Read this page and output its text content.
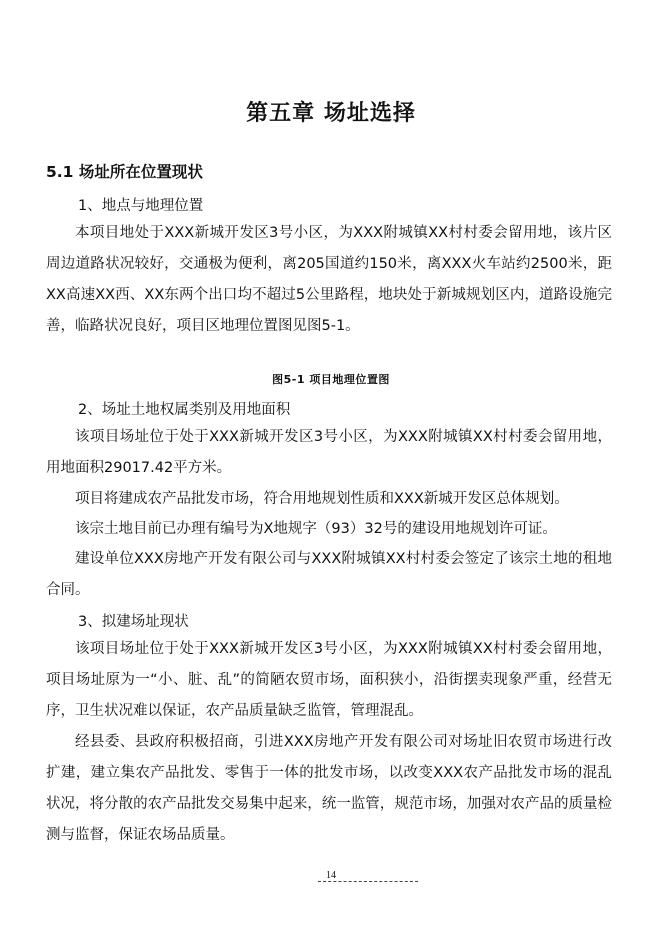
第五章 场址选择
5.1 场址所在位置现状
1、地点与地理位置

本项目地处于XXX新城开发区3号小区，为XXX附城镇XX村村委会留用地，该片区周边道路状况较好，交通极为便利，离205国道约150米，离XXX火车站约2500米，距XX高速XX西、XX东两个出口均不超过5公里路程，地块处于新城规划区内，道路设施完善，临路状况良好，项目区地理位置图见图5-1。

图5-1 项目地理位置图
2、场址土地权属类别及用地面积

该项目场址位于处于XXX新城开发区3号小区，为XXX附城镇XX村村委会留用地，用地面积29017.42平方米。

项目将建成农产品批发市场，符合用地规划性质和XXX新城开发区总体规划。

该宗土地目前已办理有编号为X地规字（93）32号的建设用地规划许可证。

建设单位XXX房地产开发有限公司与XXX附城镇XX村村委会签定了该宗土地的租地合同。

3、拟建场址现状

该项目场址位于处于XXX新城开发区3号小区，为XXX附城镇XX村村委会留用地，项目场址原为一“小、脏、乱”的简陋农贸市场，面积狭小，沿街摆卖现象严重，经营无序，卫生状况难以保证，农产品质量缺乏监管，管理混乱。

经县委、县政府积极招商，引进XXX房地产开发有限公司对场址旧农贸市场进行改扩建，建立集农产品批发、零售于一体的批发市场，以改变XXX农产品批发市场的混乱状况，将分散的农产品批发交易集中起来，统一监管，规范市场，加强对农产品的质量检测与监督，保证农场品质量。

14
